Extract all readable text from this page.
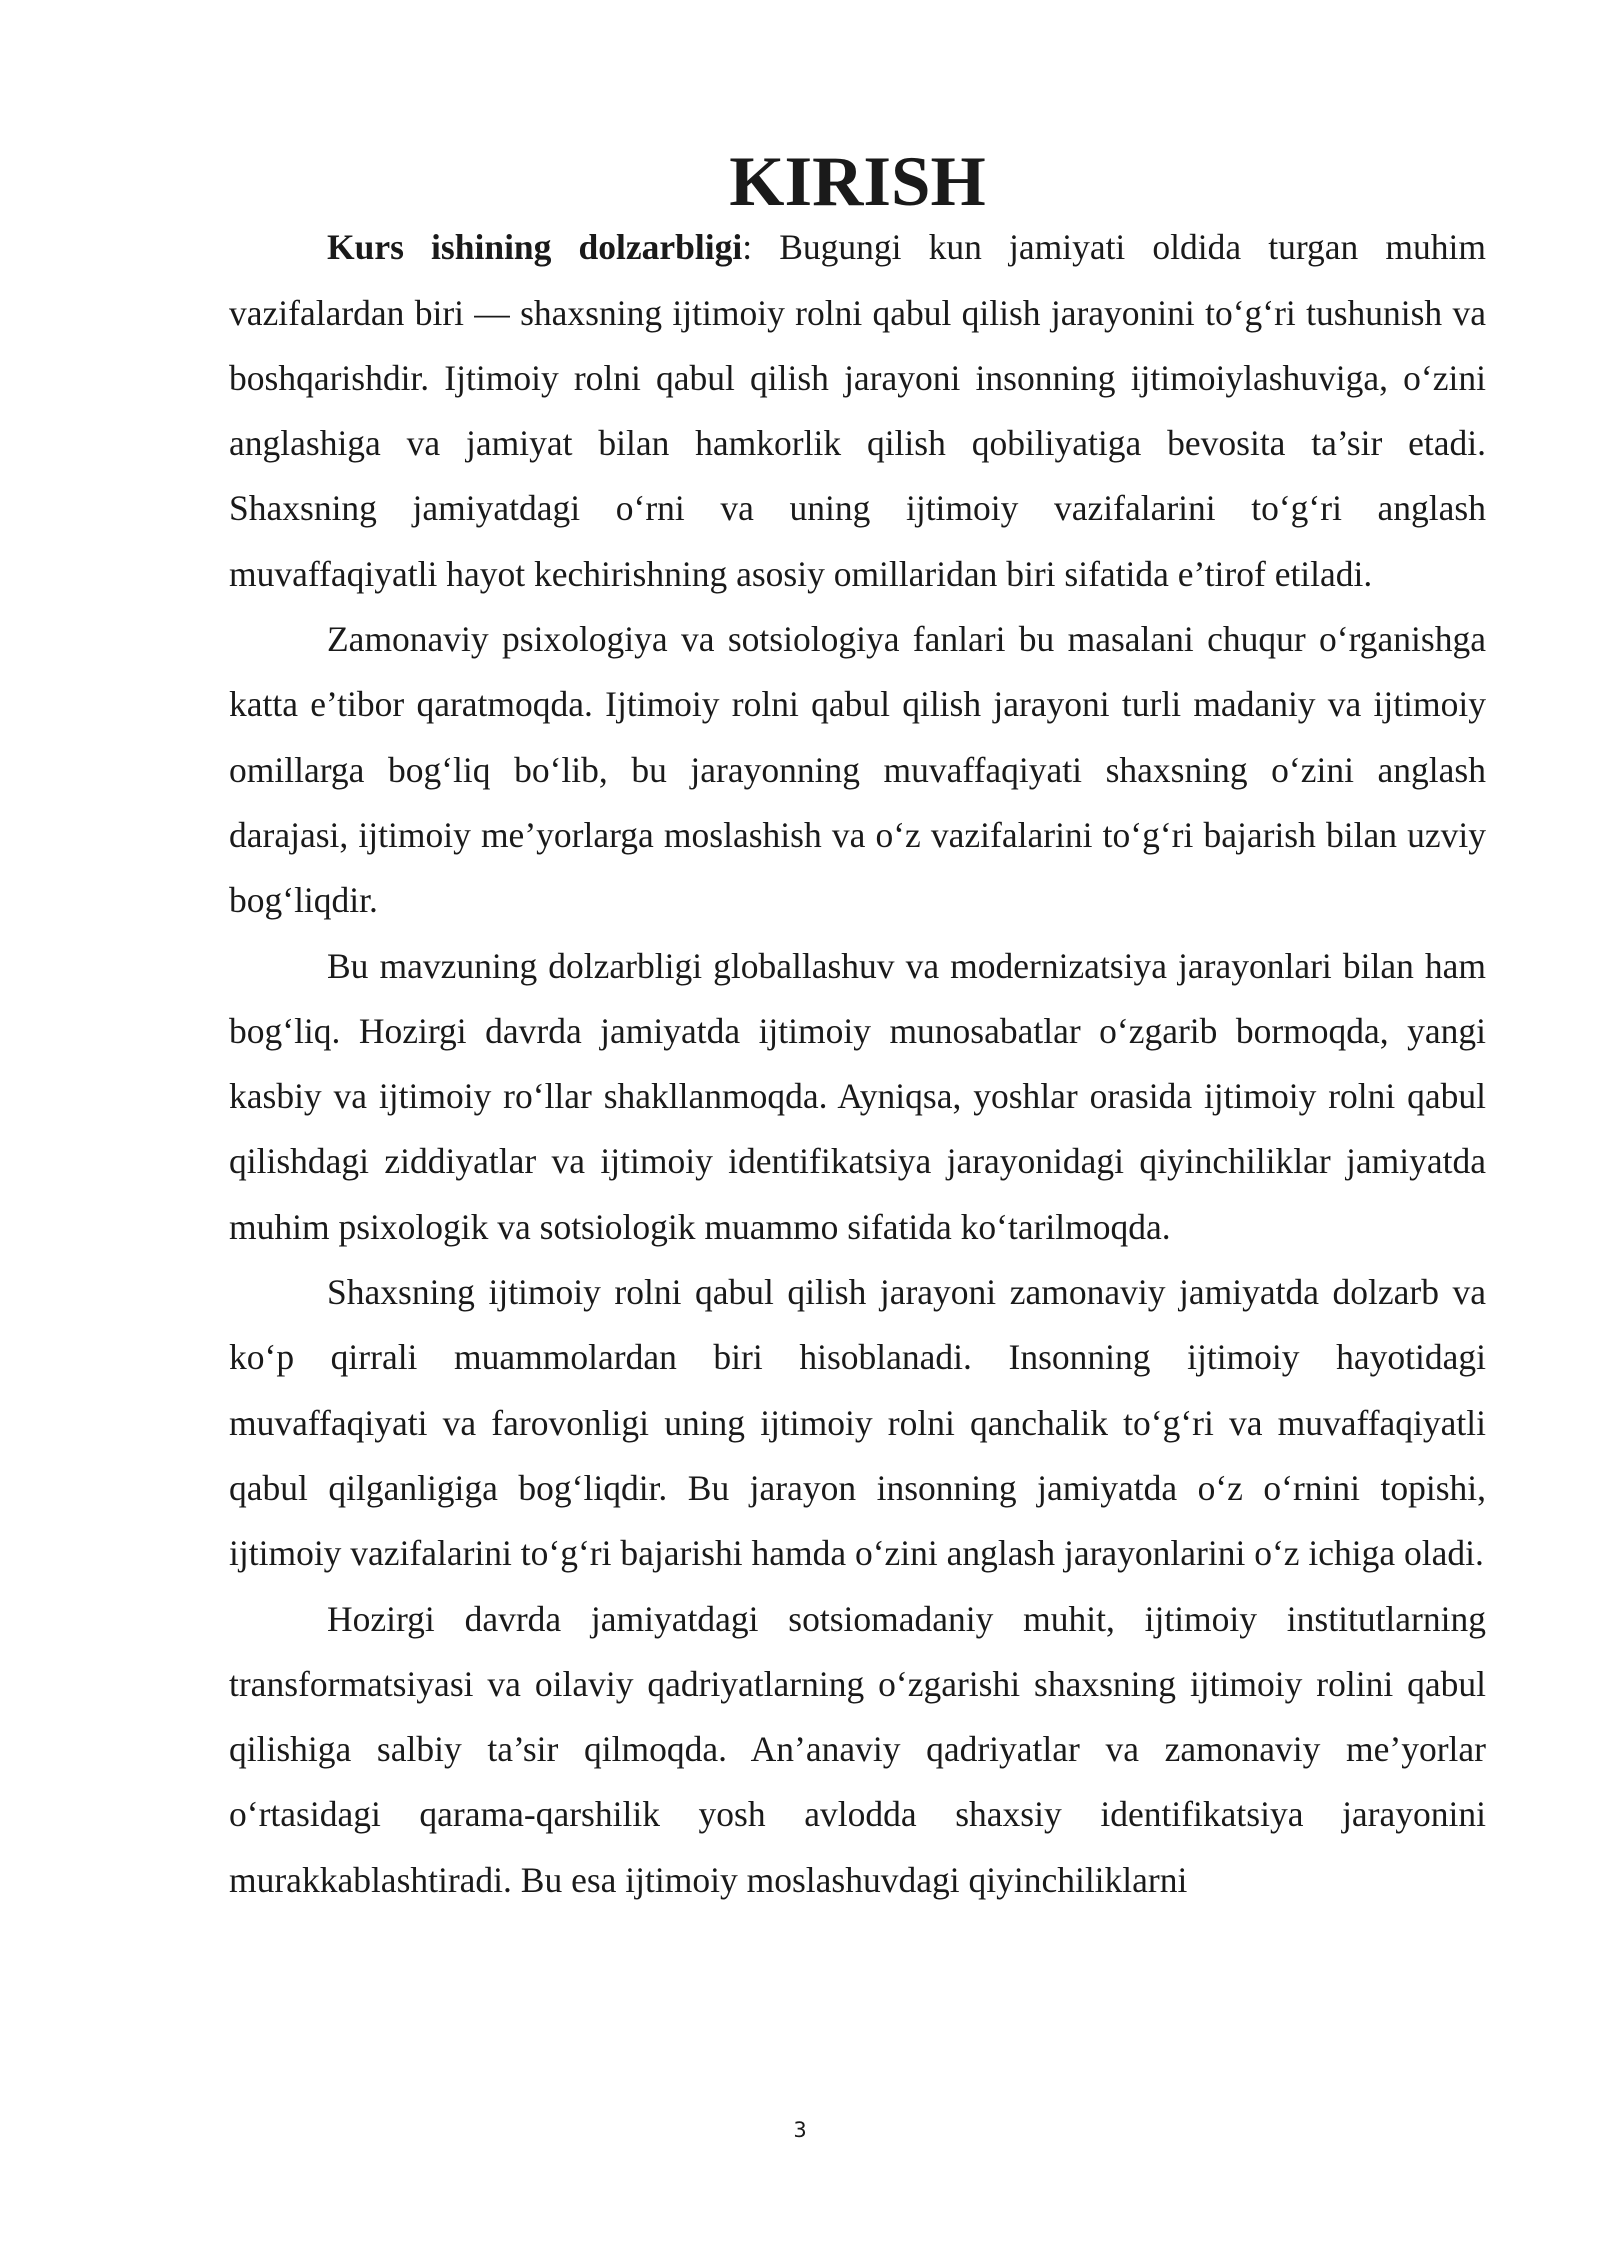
KIRISH

Kurs ishining dolzarbligi: Bugungi kun jamiyati oldida turgan muhim vazifalardan biri — shaxsning ijtimoiy rolni qabul qilish jarayonini to‘g‘ri tushunish va boshqarishdir. Ijtimoiy rolni qabul qilish jarayoni insonning ijtimoiylashuviga, o‘zini anglashiga va jamiyat bilan hamkorlik qilish qobiliyatiga bevosita ta’sir etadi. Shaxsning jamiyatdagi o‘rni va uning ijtimoiy vazifalarini to‘g‘ri anglash muvaffaqiyatli hayot kechirishning asosiy omillaridan biri sifatida e’tirof etiladi.

Zamonaviy psixologiya va sotsiologiya fanlari bu masalani chuqur o‘rganishga katta e’tibor qaratmoqda. Ijtimoiy rolni qabul qilish jarayoni turli madaniy va ijtimoiy omillarga bog‘liq bo‘lib, bu jarayonning muvaffaqiyati shaxsning o‘zini anglash darajasi, ijtimoiy me’yorlarga moslashish va o‘z vazifalarini to‘g‘ri bajarish bilan uzviy bog‘liqdir.

Bu mavzuning dolzarbligi globallashuv va modernizatsiya jarayonlari bilan ham bog‘liq. Hozirgi davrda jamiyatda ijtimoiy munosabatlar o‘zgarib bormoqda, yangi kasbiy va ijtimoiy ro‘llar shakllanmoqda. Ayniqsa, yoshlar orasida ijtimoiy rolni qabul qilishdagi ziddiyatlar va ijtimoiy identifikatsiya jarayonidagi qiyinchiliklar jamiyatda muhim psixologik va sotsiologik muammo sifatida ko‘tarilmoqda.

Shaxsning ijtimoiy rolni qabul qilish jarayoni zamonaviy jamiyatda dolzarb va ko‘p qirrali muammolardan biri hisoblanadi. Insonning ijtimoiy hayotidagi muvaffaqiyati va farovonligi uning ijtimoiy rolni qanchalik to‘g‘ri va muvaffaqiyatli qabul qilganligiga bog‘liqdir. Bu jarayon insonning jamiyatda o‘z o‘rnini topishi, ijtimoiy vazifalarini to‘g‘ri bajarishi hamda o‘zini anglash jarayonlarini o‘z ichiga oladi.

Hozirgi davrda jamiyatdagi sotsiomadaniy muhit, ijtimoiy institutlarning transformatsiyasi va oilaviy qadriyatlarning o‘zgarishi shaxsning ijtimoiy rolini qabul qilishiga salbiy ta’sir qilmoqda. An’anaviy qadriyatlar va zamonaviy me’yorlar o‘rtasidagi qarama-qarshilik yosh avlodda shaxsiy identifikatsiya jarayonini murakkablashtiradi. Bu esa ijtimoiy moslashuvdagi qiyinchiliklarni

3
